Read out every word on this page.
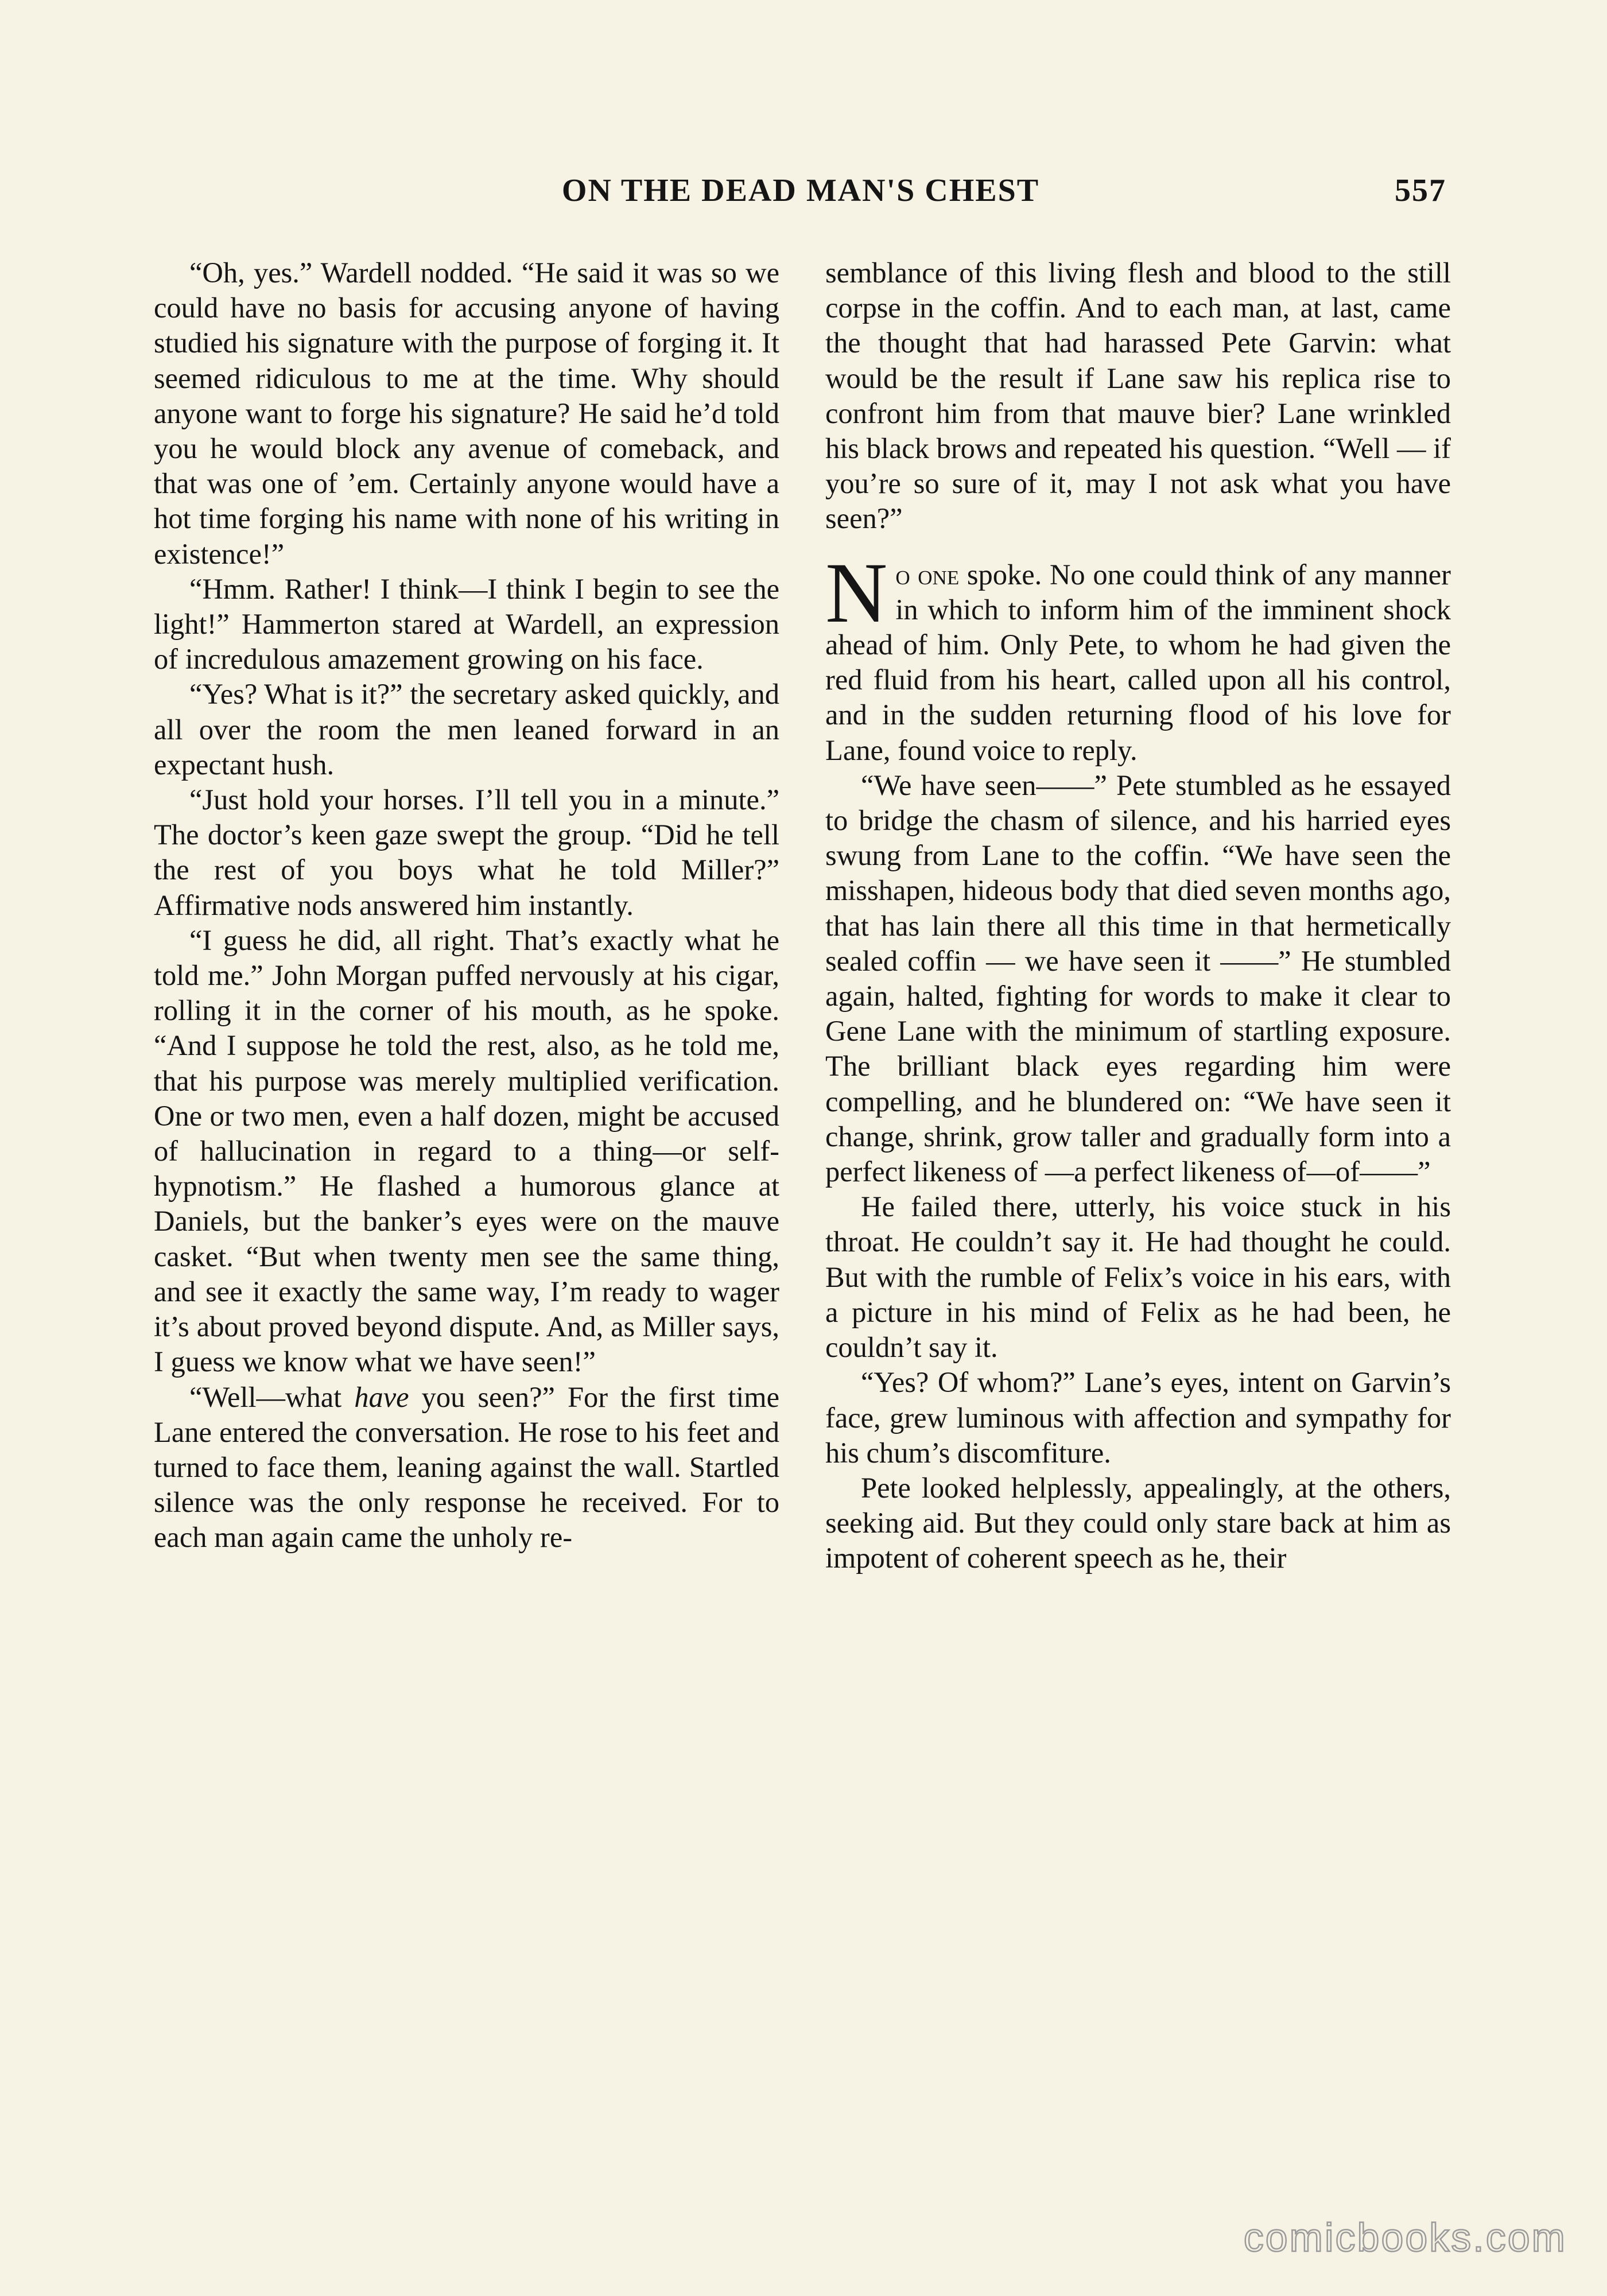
ON THE DEAD MAN'S CHEST	557

“Oh, yes.” Wardell nodded. “He said it was so we could have no basis for accusing anyone of having studied his signature with the purpose of forging it. It seemed ridiculous to me at the time. Why should anyone want to forge his signature? He said he’d told you he would block any avenue of comeback, and that was one of ’em. Certainly anyone would have a hot time forging his name with none of his writing in existence!”

“Hmm. Rather! I think—I think I begin to see the light!” Hammerton stared at Wardell, an expression of incredulous amazement growing on his face.

“Yes? What is it?” the secretary asked quickly, and all over the room the men leaned forward in an expectant hush.

“Just hold your horses. I’ll tell you in a minute.” The doctor’s keen gaze swept the group. “Did he tell the rest of you boys what he told Miller?” Affirmative nods answered him instantly.

“I guess he did, all right. That’s exactly what he told me.” John Morgan puffed nervously at his cigar, rolling it in the corner of his mouth, as he spoke. “And I suppose he told the rest, also, as he told me, that his purpose was merely multiplied verification. One or two men, even a half dozen, might be accused of hallucination in regard to a thing—or self-hypnotism.” He flashed a humorous glance at Daniels, but the banker’s eyes were on the mauve casket. “But when twenty men see the same thing, and see it exactly the same way, I’m ready to wager it’s about proved beyond dispute. And, as Miller says, I guess we know what we have seen!”

“Well—what have you seen?” For the first time Lane entered the conversation. He rose to his feet and turned to face them, leaning against the wall. Startled silence was the only response he received. For to each man again came the unholy re-

semblance of this living flesh and blood to the still corpse in the coffin. And to each man, at last, came the thought that had harassed Pete Garvin: what would be the result if Lane saw his replica rise to confront him from that mauve bier? Lane wrinkled his black brows and repeated his question. “Well — if you’re so sure of it, may I not ask what you have seen?”

No one spoke. No one could think of any manner in which to inform him of the imminent shock ahead of him. Only Pete, to whom he had given the red fluid from his heart, called upon all his control, and in the sudden returning flood of his love for Lane, found voice to reply.

“We have seen——” Pete stumbled as he essayed to bridge the chasm of silence, and his harried eyes swung from Lane to the coffin. “We have seen the misshapen, hideous body that died seven months ago, that has lain there all this time in that hermetically sealed coffin — we have seen it ——” He stumbled again, halted, fighting for words to make it clear to Gene Lane with the minimum of startling exposure. The brilliant black eyes regarding him were compelling, and he blundered on: “We have seen it change, shrink, grow taller and gradually form into a perfect likeness of —a perfect likeness of—of——”

He failed there, utterly, his voice stuck in his throat. He couldn’t say it. He had thought he could. But with the rumble of Felix’s voice in his ears, with a picture in his mind of Felix as he had been, he couldn’t say it.

“Yes? Of whom?” Lane’s eyes, intent on Garvin’s face, grew luminous with affection and sympathy for his chum’s discomfiture.

Pete looked helplessly, appealingly, at the others, seeking aid. But they could only stare back at him as impotent of coherent speech as he, their

comicbooks.com
